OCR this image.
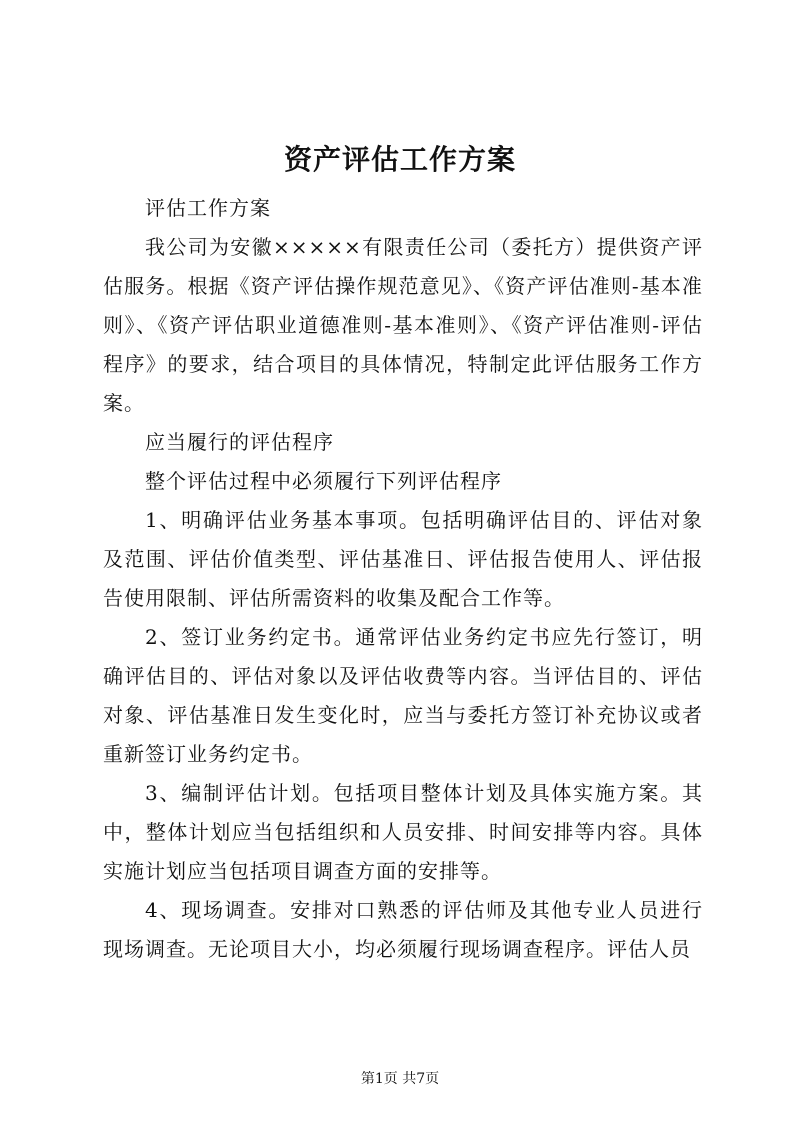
资产评估工作方案

评估工作方案

我公司为安徽×××××有限责任公司（委托方）提供资产评估服务。根据《资产评估操作规范意见》、《资产评估准则-基本准则》、《资产评估职业道德准则-基本准则》、《资产评估准则-评估程序》的要求，结合项目的具体情况，特制定此评估服务工作方案。

应当履行的评估程序

整个评估过程中必须履行下列评估程序

1、明确评估业务基本事项。包括明确评估目的、评估对象及范围、评估价值类型、评估基准日、评估报告使用人、评估报告使用限制、评估所需资料的收集及配合工作等。

2、签订业务约定书。通常评估业务约定书应先行签订，明确评估目的、评估对象以及评估收费等内容。当评估目的、评估对象、评估基准日发生变化时，应当与委托方签订补充协议或者重新签订业务约定书。

3、编制评估计划。包括项目整体计划及具体实施方案。其中，整体计划应当包括组织和人员安排、时间安排等内容。具体实施计划应当包括项目调查方面的安排等。

4、现场调查。安排对口熟悉的评估师及其他专业人员进行现场调查。无论项目大小，均必须履行现场调查程序。评估人员

第1页 共7页
